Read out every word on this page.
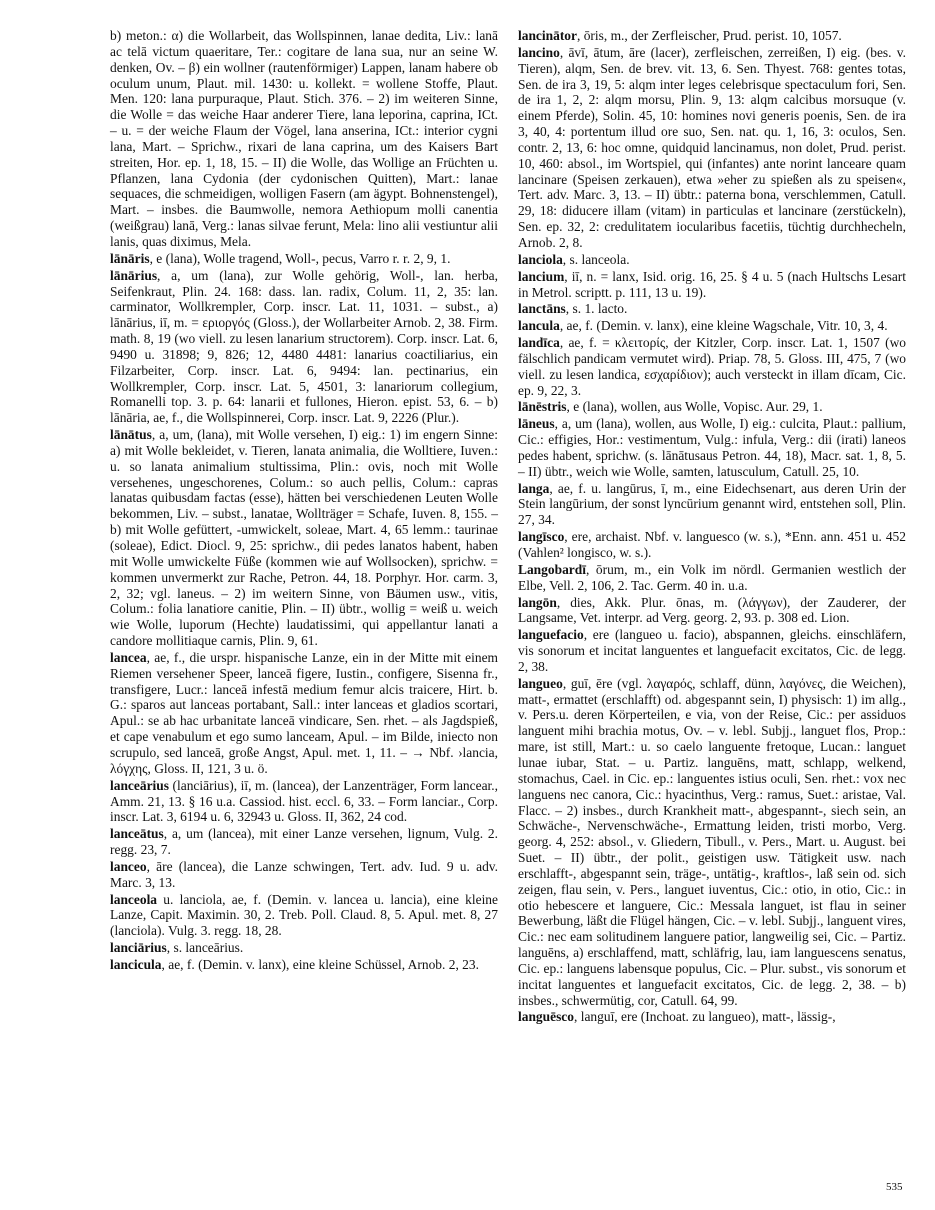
b) meton.: α) die Wollarbeit, das Wollspinnen, lanae dedita, Liv.: lanā ac telā victum quaeritare, Ter.: cogitare de lana sua, nur an seine W. denken, Ov. – β) ein wollner (rautenförmiger) Lappen, lanam habere ob oculum unum, Plaut. mil. 1430: u. kollekt. = wollene Stoffe, Plaut. Men. 120: lana purpuraque, Plaut. Stich. 376. – 2) im weiteren Sinne, die Wolle = das weiche Haar anderer Tiere, lana leporina, caprina, ICt. – u. = der weiche Flaum der Vögel, lana anserina, ICt.: interior cygni lana, Mart. – Sprichw., rixari de lana caprina, um des Kaisers Bart streiten, Hor. ep. 1, 18, 15. – II) die Wolle, das Wollige an Früchten u. Pflanzen, lana Cydonia (der cydonischen Quitten), Mart.: lanae sequaces, die schmeidigen, wolligen Fasern (am ägypt. Bohnenstengel), Mart. – insbes. die Baumwolle, nemora Aethiopum molli canentia (weißgrau) lanā, Verg.: lanas silvae ferunt, Mela: lino alii vestiuntur alii lanis, quas diximus, Mela.

lānāris, e (lana), Wolle tragend, Woll-, pecus, Varro r. r. 2, 9, 1.

lānārius, a, um (lana), zur Wolle gehörig, Woll-, lan. herba, Seifenkraut, Plin. 24. 168: dass. lan. radix, Colum. 11, 2, 35: lan. carminator, Wollkrempler, Corp. inscr. Lat. 11, 1031. – subst., a) lānārius, iī, m. = εριοργός (Gloss.), der Wollarbeiter Arnob. 2, 38. Firm. math. 8, 19 (wo viell. zu lesen lanarium structorem). Corp. inscr. Lat. 6, 9490 u. 31898; 9, 826; 12, 4480 4481: lanarius coactiliarius, ein Filzarbeiter, Corp. inscr. Lat. 6, 9494: lan. pectinarius, ein Wollkrempler, Corp. inscr. Lat. 5, 4501, 3: lanariorum collegium, Romanelli top. 3. p. 64: lanarii et fullones, Hieron. epist. 53, 6. – b) lānāria, ae, f., die Wollspinnerei, Corp. inscr. Lat. 9, 2226 (Plur.).

lānātus, a, um, (lana), mit Wolle versehen, I) eig.: 1) im engern Sinne: a) mit Wolle bekleidet, v. Tieren, lanata animalia, die Wolltiere, Iuven.: u. so lanata animalium stultissima, Plin.: ovis, noch mit Wolle versehenes, ungeschorenes, Colum.: so auch pellis, Colum.: capras lanatas quibusdam factas (esse), hätten bei verschiedenen Leuten Wolle bekommen, Liv. – subst., lanatae, Wollträger = Schafe, Iuven. 8, 155. – b) mit Wolle gefüttert, -umwickelt, soleae, Mart. 4, 65 lemm.: taurinae (soleae), Edict. Diocl. 9, 25: sprichw., dii pedes lanatos habent, haben mit Wolle umwickelte Füße (kommen wie auf Wollsocken), sprichw. = kommen unvermerkt zur Rache, Petron. 44, 18. Porphyr. Hor. carm. 3, 2, 32; vgl. laneus. – 2) im weitern Sinne, von Bäumen usw., vitis, Colum.: folia lanatiore canitie, Plin. – II) übtr., wollig = weiß u. weich wie Wolle, luporum (Hechte) laudatissimi, qui appellantur lanati a candore mollitiaque carnis, Plin. 9, 61.

lancea, ae, f., die urspr. hispanische Lanze, ein in der Mitte mit einem Riemen versehener Speer, lanceā figere, Iustin., configere, Sisenna fr., transfigere, Lucr.: lanceā infestā medium femur alcis traicere, Hirt. b. G.: sparos aut lanceas portabant, Sall.: inter lanceas et gladios scortari, Apul.: se ab hac urbanitate lanceā vindicare, Sen. rhet. – als Jagdspieß, et cape venabulum et ego sumo lanceam, Apul. – im Bilde, iniecto non scrupulo, sed lanceā, große Angst, Apul. met. 1, 11. – → Nbf. ›lancia, λόγχης, Gloss. II, 121, 3 u. ö.

lanceārius (lanciārius), iī, m. (lancea), der Lanzenträger, Form lancear., Amm. 21, 13. § 16 u.a. Cassiod. hist. eccl. 6, 33. – Form lanciar., Corp. inscr. Lat. 3, 6194 u. 6, 32943 u. Gloss. II, 362, 24 cod.

lanceātus, a, um (lancea), mit einer Lanze versehen, lignum, Vulg. 2. regg. 23, 7.

lanceo, āre (lancea), die Lanze schwingen, Tert. adv. Iud. 9 u. adv. Marc. 3, 13.

lanceola u. lanciola, ae, f. (Demin. v. lancea u. lancia), eine kleine Lanze, Capit. Maximin. 30, 2. Treb. Poll. Claud. 8, 5. Apul. met. 8, 27 (lanciola). Vulg. 3. regg. 18, 28.

lanciārius, s. lanceārius.

lancicula, ae, f. (Demin. v. lanx), eine kleine Schüssel, Arnob. 2, 23.

lancinātor, ōris, m., der Zerfleischer, Prud. perist. 10, 1057.

lancino, āvī, ātum, āre (lacer), zerfleischen, zerreißen, I) eig. (bes. v. Tieren), alqm, Sen. de brev. vit. 13, 6. Sen. Thyest. 768: gentes totas, Sen. de ira 3, 19, 5: alqm inter leges celebrisque spectaculum fori, Sen. de ira 1, 2, 2: alqm morsu, Plin. 9, 13: alqm calcibus morsuque (v. einem Pferde), Solin. 45, 10: homines novi generis poenis, Sen. de ira 3, 40, 4: portentum illud ore suo, Sen. nat. qu. 1, 16, 3: oculos, Sen. contr. 2, 13, 6: hoc omne, quidquid lancinamus, non dolet, Prud. perist. 10, 460: absol., im Wortspiel, qui (infantes) ante norint lanceare quam lancinare (Speisen zerkauen), etwa »eher zu spießen als zu speisen«, Tert. adv. Marc. 3, 13. – II) übtr.: paterna bona, verschlemmen, Catull. 29, 18: diducere illam (vitam) in particulas et lancinare (zerstückeln), Sen. ep. 32, 2: credulitatem iocularibus facetiis, tüchtig durchhecheln, Arnob. 2, 8.

lanciola, s. lanceola.

lancium, iī, n. = lanx, Isid. orig. 16, 25. § 4 u. 5 (nach Hultschs Lesart in Metrol. scriptt. p. 111, 13 u. 19).

lanctāns, s. 1. lacto.

lancula, ae, f. (Demin. v. lanx), eine kleine Wagschale, Vitr. 10, 3, 4.

landīca, ae, f. = κλειτορίς, der Kitzler, Corp. inscr. Lat. 1, 1507 (wo fälschlich pandicam vermutet wird). Priap. 78, 5. Gloss. III, 475, 7 (wo viell. zu lesen landica, εσχαρίδιον); auch versteckt in illam dīcam, Cic. ep. 9, 22, 3.

lānēstris, e (lana), wollen, aus Wolle, Vopisc. Aur. 29, 1.

lāneus, a, um (lana), wollen, aus Wolle, I) eig.: culcita, Plaut.: pallium, Cic.: effigies, Hor.: vestimentum, Vulg.: infula, Verg.: dii (irati) laneos pedes habent, sprichw. (s. lānātusaus Petron. 44, 18), Macr. sat. 1, 8, 5. – II) übtr., weich wie Wolle, samten, latusculum, Catull. 25, 10.

langa, ae, f. u. langūrus, ī, m., eine Eidechsenart, aus deren Urin der Stein langūrium, der sonst lyncūrium genannt wird, entstehen soll, Plin. 27, 34.

langīsco, ere, archaist. Nbf. v. languesco (w. s.), *Enn. ann. 451 u. 452 (Vahlen² longisco, w. s.).

Langobardī, ōrum, m., ein Volk im nördl. Germanien westlich der Elbe, Vell. 2, 106, 2. Tac. Germ. 40 in. u.a.

langōn, dies, Akk. Plur. ōnas, m. (λάγγων), der Zauderer, der Langsame, Vet. interpr. ad Verg. georg. 2, 93. p. 308 ed. Lion.

languefacio, ere (langueo u. facio), abspannen, gleichs. einschläfern, vis sonorum et incitat languentes et languefacit excitatos, Cic. de legg. 2, 38.

langueo, guī, ēre (vgl. λαγαρός, schlaff, dünn, λαγόνες, die Weichen), matt-, ermattet (erschlafft) od. abgespannt sein, I) physisch: 1) im allg., v. Pers.u. deren Körperteilen, e via, von der Reise, Cic.: per assiduos languent mihi brachia motus, Ov. – v. lebl. Subjj., languet flos, Prop.: mare, ist still, Mart.: u. so caelo languente fretoque, Lucan.: languet lunae iubar, Stat. – u. Partiz. languēns, matt, schlapp, welkend, stomachus, Cael. in Cic. ep.: languentes istius oculi, Sen. rhet.: vox nec languens nec canora, Cic.: hyacinthus, Verg.: ramus, Suet.: aristae, Val. Flacc. – 2) insbes., durch Krankheit matt-, abgespannt-, siech sein, an Schwäche-, Nervenschwäche-, Ermattung leiden, tristi morbo, Verg. georg. 4, 252: absol., v. Gliedern, Tibull., v. Pers., Mart. u. August. bei Suet. – II) übtr., der polit., geistigen usw. Tätigkeit usw. nach erschlafft-, abgespannt sein, träge-, untätig-, kraftlos-, laß sein od. sich zeigen, flau sein, v. Pers., languet iuventus, Cic.: otio, in otio, Cic.: in otio hebescere et languere, Cic.: Messala languet, ist flau in seiner Bewerbung, läßt die Flügel hängen, Cic. – v. lebl. Subjj., languent vires, Cic.: nec eam solitudinem languere patior, langweilig sei, Cic. – Partiz. languēns, a) erschlaffend, matt, schläfrig, lau, iam languescens senatus, Cic. ep.: languens labensque populus, Cic. – Plur. subst., vis sonorum et incitat languentes et languefacit excitatos, Cic. de legg. 2, 38. – b) insbes., schwermütig, cor, Catull. 64, 99.

languēsco, languī, ere (Inchoat. zu langueo), matt-, lässig-,

535
